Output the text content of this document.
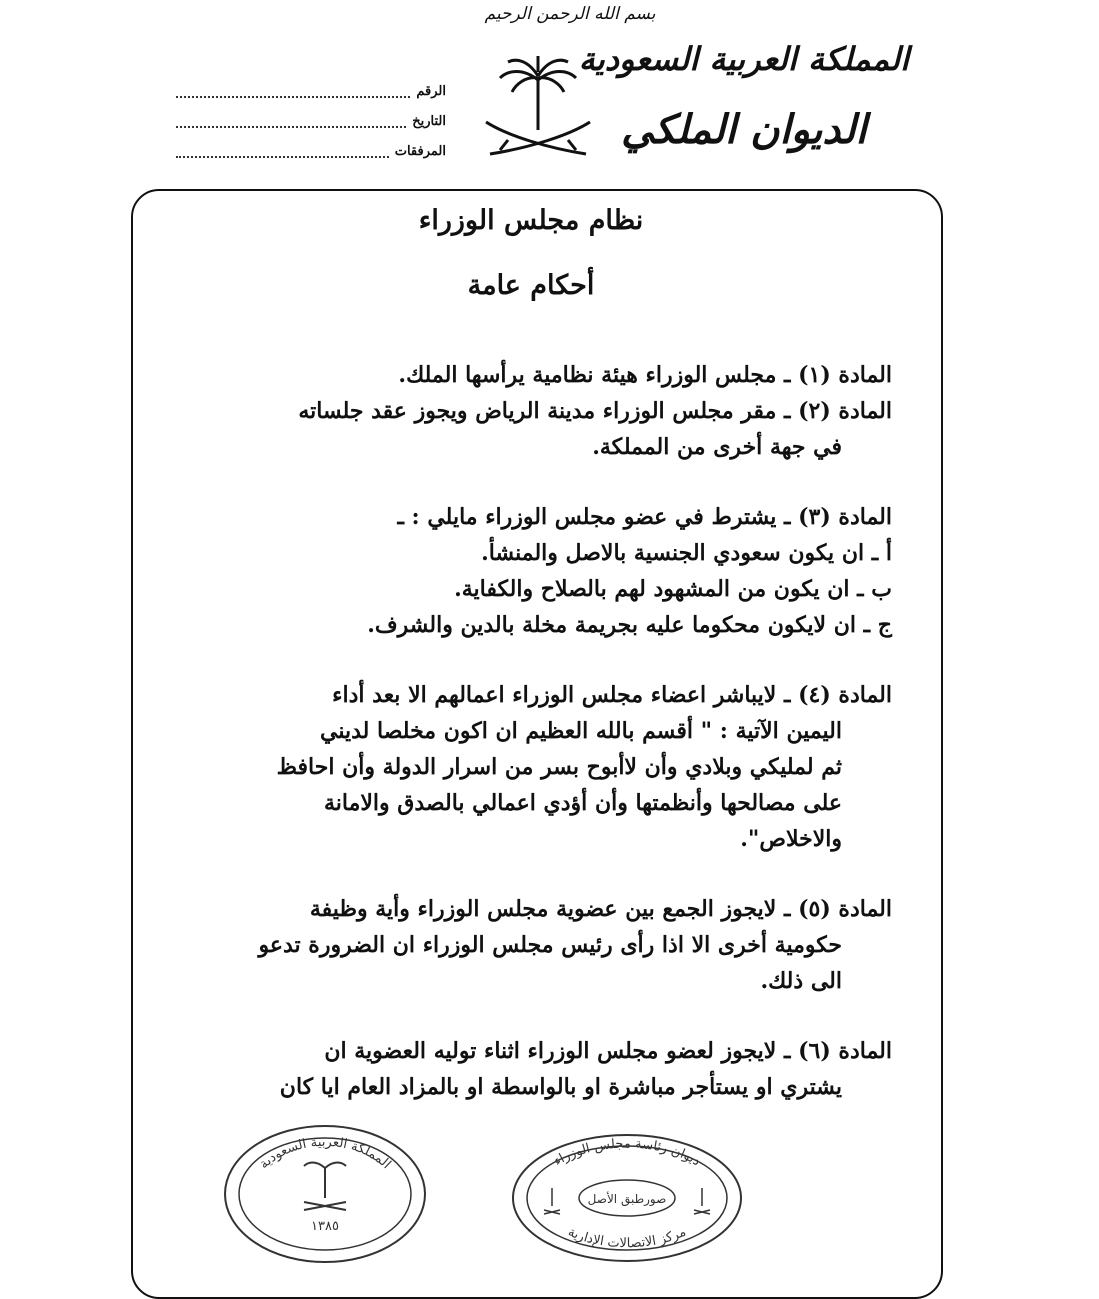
بسم الله الرحمن الرحيم
المملكة العربية السعودية
الديوان الملكي
الرقم
التاريخ
المرفقات
نظام مجلس الوزراء
أحكام عامة

المادة (١) ـ مجلس الوزراء هيئة نظامية يرأسها الملك.

المادة (٢) ـ مقر مجلس الوزراء مدينة الرياض ويجوز عقد جلساته
في جهة أخرى من المملكة.

المادة (٣) ـ يشترط في عضو مجلس الوزراء مايلي : ـ
أ ـ ان يكون سعودي الجنسية بالاصل والمنشأ.
ب ـ ان يكون من المشهود لهم بالصلاح والكفاية.
ج ـ ان لايكون محكوما عليه بجريمة مخلة بالدين والشرف.

المادة (٤) ـ لايباشر اعضاء مجلس الوزراء اعمالهم الا بعد أداء
اليمين الآتية : " أقسم بالله العظيم ان اكون مخلصا لديني
ثم لمليكي وبلادي وأن لاأبوح بسر من اسرار الدولة وأن احافظ
على مصالحها وأنظمتها وأن أؤدي اعمالي بالصدق والامانة
والاخلاص".

المادة (٥) ـ لايجوز الجمع بين عضوية مجلس الوزراء وأية وظيفة
حكومية أخرى الا اذا رأى رئيس مجلس الوزراء ان الضرورة تدعو
الى ذلك.

المادة (٦) ـ لايجوز لعضو مجلس الوزراء اثناء توليه العضوية ان
يشتري او يستأجر مباشرة او بالواسطة او بالمزاد العام ايا كان

المملكة العربية السعودية
١٣٨٥
ديوان رئاسة مجلس الوزراء
مركز الاتصالات الإدارية
صورطبق الأصل
